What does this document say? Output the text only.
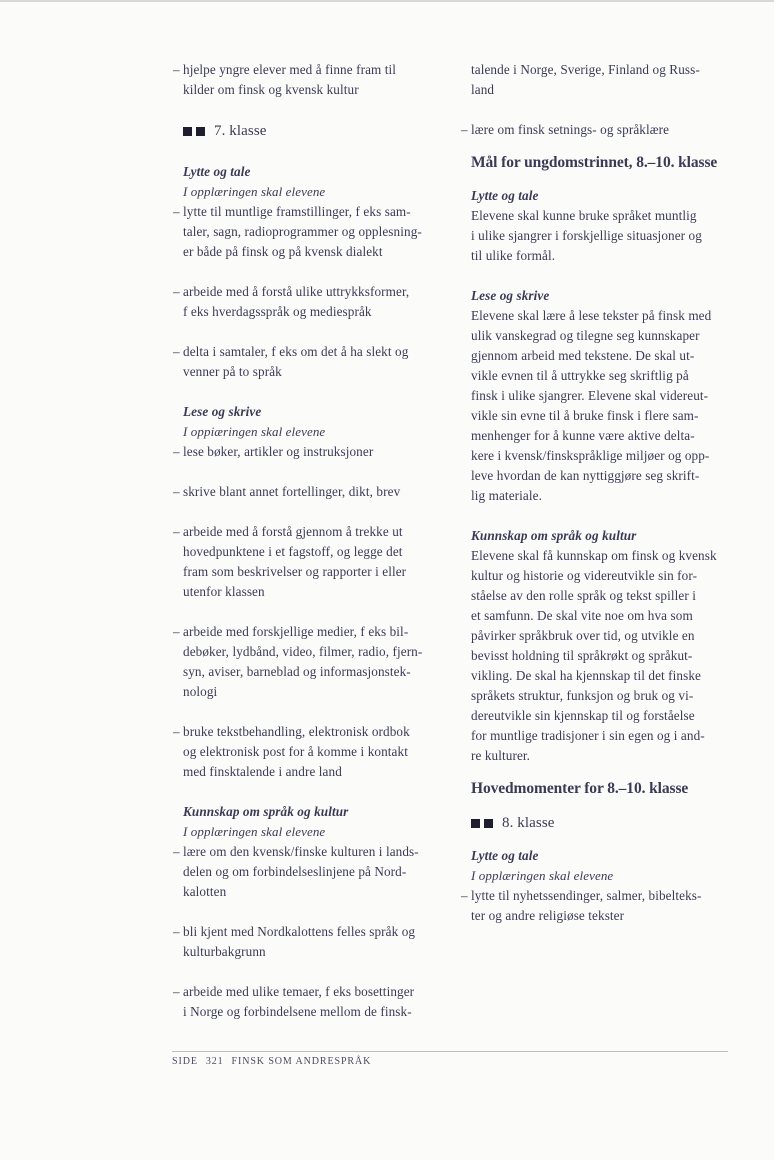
– hjelpe yngre elever med å finne fram til
kilder om finsk og kvensk kultur
7. klasse
Lytte og tale
I opplæringen skal elevene
– lytte til muntlige framstillinger, f eks sam-
taler, sagn, radioprogrammer og opplesning-
er både på finsk og på kvensk dialekt
– arbeide med å forstå ulike uttrykksformer,
f eks hverdagsspråk og mediespråk
– delta i samtaler, f eks om det å ha slekt og
venner på to språk
Lese og skrive
I oppiæringen skal elevene
– lese bøker, artikler og instruksjoner
– skrive blant annet fortellinger, dikt, brev
– arbeide med å forstå gjennom å trekke ut
hovedpunktene i et fagstoff, og legge det
fram som beskrivelser og rapporter i eller
utenfor klassen
– arbeide med forskjellige medier, f eks bil-
debøker, lydbånd, video, filmer, radio, fjern-
syn, aviser, barneblad og informasjonstek-
nologi
– bruke tekstbehandling, elektronisk ordbok
og elektronisk post for å komme i kontakt
med finsktalende i andre land
Kunnskap om språk og kultur
I opplæringen skal elevene
– lære om den kvensk/finske kulturen i lands-
delen og om forbindelseslinjene på Nord-
kalotten
– bli kjent med Nordkalottens felles språk og
kulturbakgrunn
– arbeide med ulike temaer, f eks bosettinger
i Norge og forbindelsene mellom de finsk-
talende i Norge, Sverige, Finland og Russ-
land
– lære om finsk setnings- og språklære
Mål for ungdomstrinnet, 8.–10. klasse
Lytte og tale
Elevene skal kunne bruke språket muntlig
i ulike sjangrer i forskjellige situasjoner og
til ulike formål.
Lese og skrive
Elevene skal lære å lese tekster på finsk med
ulik vanskegrad og tilegne seg kunnskaper
gjennom arbeid med tekstene. De skal ut-
vikle evnen til å uttrykke seg skriftlig på
finsk i ulike sjangrer. Elevene skal videreut-
vikle sin evne til å bruke finsk i flere sam-
menhenger for å kunne være aktive delta-
kere i kvensk/finskspråklige miljøer og opp-
leve hvordan de kan nyttiggjøre seg skrift-
lig materiale.
Kunnskap om språk og kultur
Elevene skal få kunnskap om finsk og kvensk
kultur og historie og videreutvikle sin for-
ståelse av den rolle språk og tekst spiller i
et samfunn. De skal vite noe om hva som
påvirker språkbruk over tid, og utvikle en
bevisst holdning til språkrøkt og språkut-
vikling. De skal ha kjennskap til det finske
språkets struktur, funksjon og bruk og vi-
dereutvikle sin kjennskap til og forståelse
for muntlige tradisjoner i sin egen og i and-
re kulturer.
Hovedmomenter for 8.–10. klasse
8. klasse
Lytte og tale
I opplæringen skal elevene
– lytte til nyhetssendinger, salmer, bibelteks-
ter og andre religiøse tekster
SIDE 321 FINSK SOM ANDRESPRÅK
